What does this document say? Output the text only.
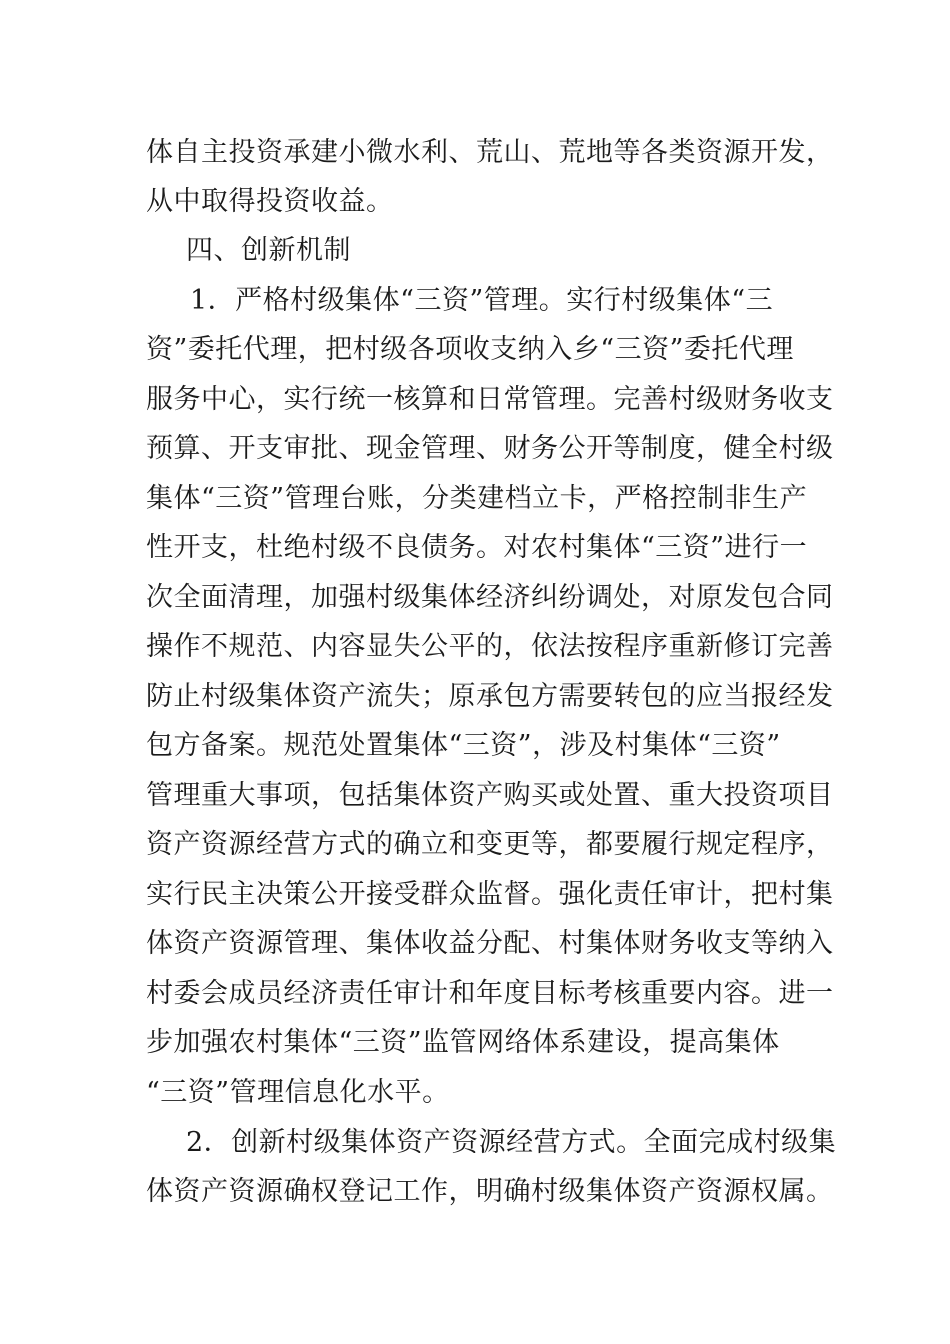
体自主投资承建小微水利、荒山、荒地等各类资源开发，
从中取得投资收益。
四、创新机制
1．严格村级集体“三资”管理。实行村级集体“三
资”委托代理，把村级各项收支纳入乡“三资”委托代理
服务中心，实行统一核算和日常管理。完善村级财务收支
预算、开支审批、现金管理、财务公开等制度，健全村级
集体“三资”管理台账，分类建档立卡，严格控制非生产
性开支，杜绝村级不良债务。对农村集体“三资”进行一
次全面清理，加强村级集体经济纠纷调处，对原发包合同
操作不规范、内容显失公平的，依法按程序重新修订完善
防止村级集体资产流失；原承包方需要转包的应当报经发
包方备案。规范处置集体“三资”，涉及村集体“三资”
管理重大事项，包括集体资产购买或处置、重大投资项目
资产资源经营方式的确立和变更等，都要履行规定程序，
实行民主决策公开接受群众监督。强化责任审计，把村集
体资产资源管理、集体收益分配、村集体财务收支等纳入
村委会成员经济责任审计和年度目标考核重要内容。进一
步加强农村集体“三资”监管网络体系建设，提高集体
“三资”管理信息化水平。
2．创新村级集体资产资源经营方式。全面完成村级集
体资产资源确权登记工作，明确村级集体资产资源权属。
